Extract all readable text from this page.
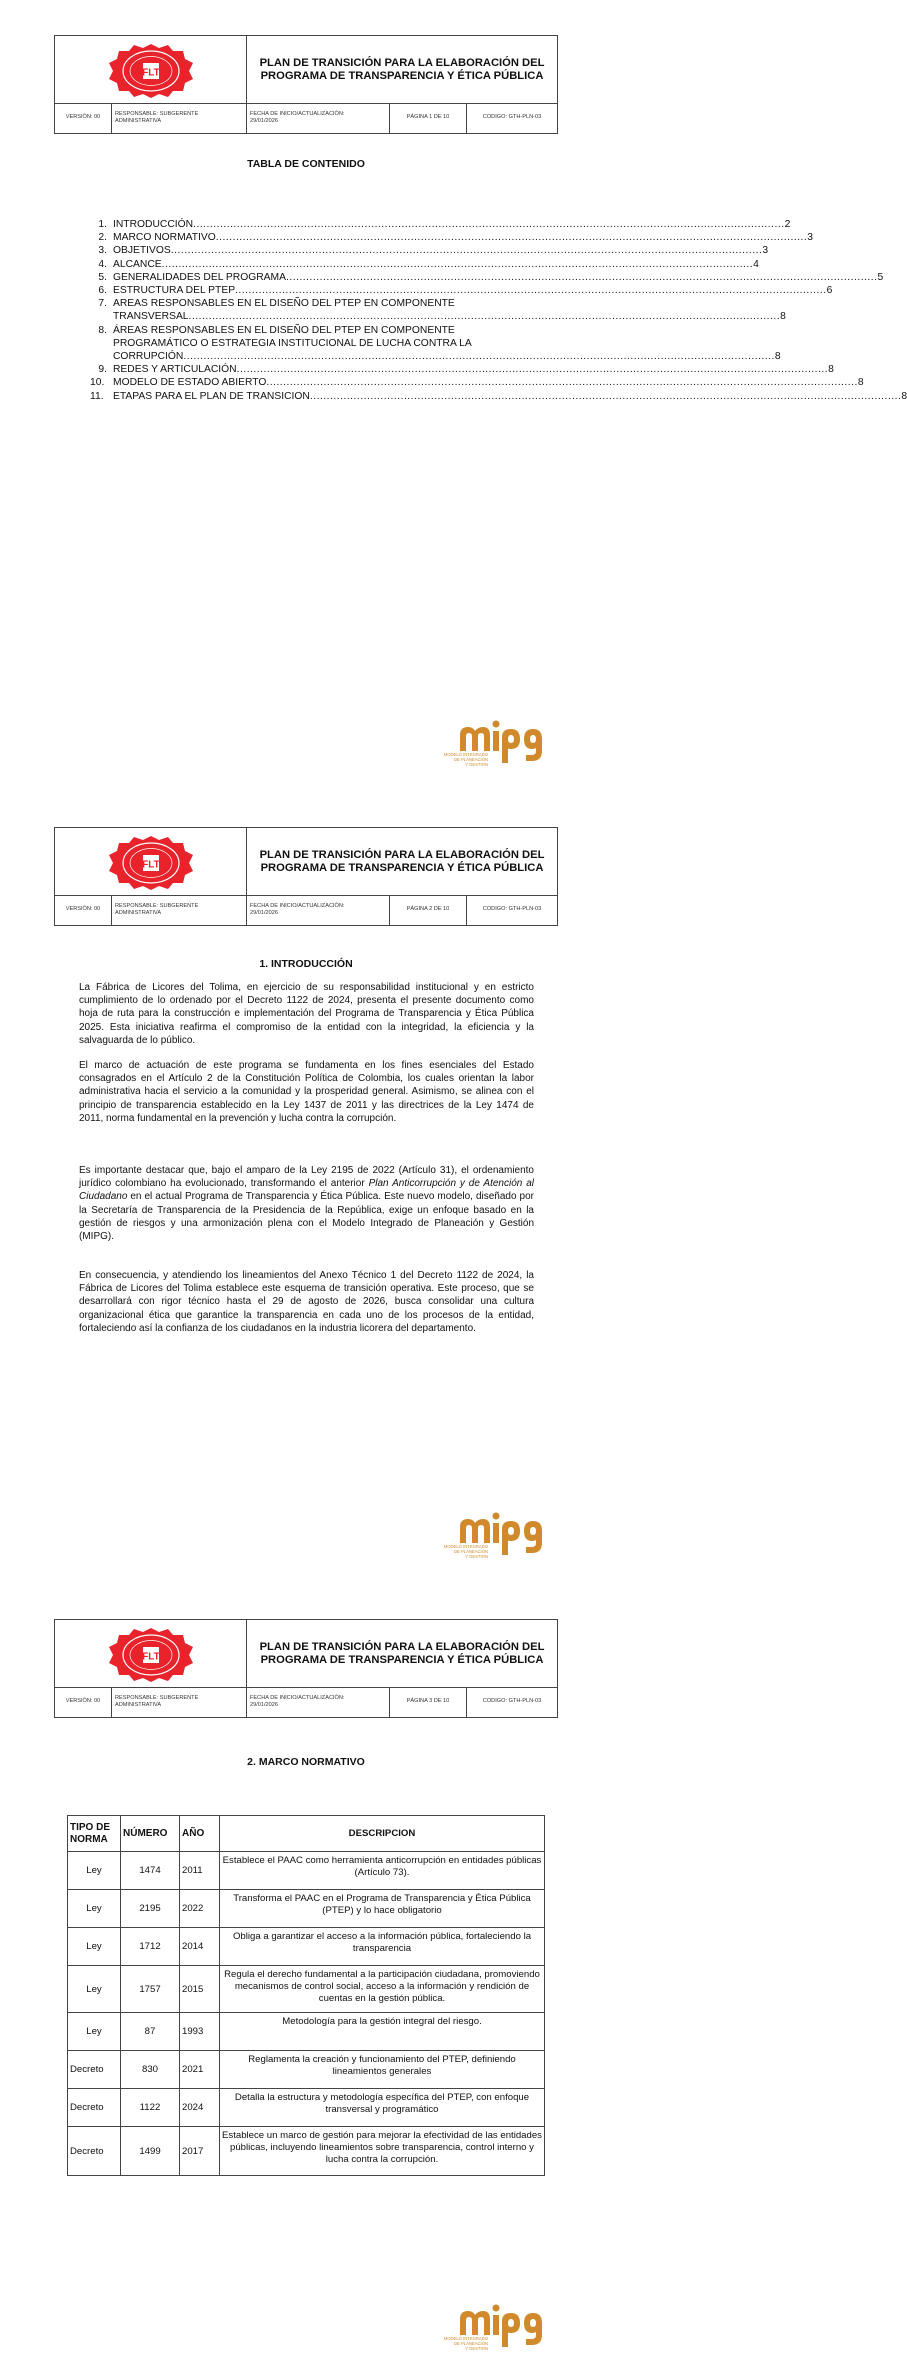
TABLA DE CONTENIDO
1. INTRODUCCIÓN .....	2
2. MARCO NORMATIVO .....	3
3. OBJETIVOS .....	3
4. ALCANCE .....	4
5. GENERALIDADES DEL PROGRAMA .....	5
6. ESTRUCTURA DEL PTEP .....	6
7. AREAS RESPONSABLES EN EL DISEÑO DEL PTEP EN COMPONENTE
TRANSVERSAL .....	8
8. ÁREAS RESPONSABLES EN EL DISEÑO DEL PTEP EN COMPONENTE
PROGRAMÁTICO O ESTRATEGIA INSTITUCIONAL DE LUCHA CONTRA LA
CORRUPCIÓN .....	8
9. REDES Y ARTICULACIÓN .....	8
10. MODELO DE ESTADO ABIERTO .....	8
11. ETAPAS PARA EL PLAN DE TRANSICION .....	8
FLT
PLAN DE TRANSICIÓN PARA LA ELABORACIÓN DEL PROGRAMA DE TRANSPARENCIA Y ÉTICA PÚBLICA
VERSIÓN: 00	RESPONSABLE: SUBGERENTE
ADMINISTRATIVA
FECHA DE INICIO/ACTUALIZACIÓN:
29/01/2026
PÁGINA 1 DE 10	CODIGO: GTH-PLN-03
MODELO INTEGRADO
DE PLANEACIÓN
Y GESTIÓN
1. INTRODUCCIÓN
La Fábrica de Licores del Tolima, en ejercicio de su responsabilidad institucional y en estricto cumplimiento de lo ordenado por el Decreto 1122 de 2024, presenta el presente documento como hoja de ruta para la construcción e implementación del Programa de Transparencia y Ética Pública 2025. Esta iniciativa reafirma el compromiso de la entidad con la integridad, la eficiencia y la salvaguarda de lo público.
El marco de actuación de este programa se fundamenta en los fines esenciales del Estado consagrados en el Artículo 2 de la Constitución Política de Colombia, los cuales orientan la labor administrativa hacia el servicio a la comunidad y la prosperidad general. Asimismo, se alinea con el principio de transparencia establecido en la Ley 1437 de 2011 y las directrices de la Ley 1474 de 2011, norma fundamental en la prevención y lucha contra la corrupción.
Es importante destacar que, bajo el amparo de la Ley 2195 de 2022 (Artículo 31), el ordenamiento jurídico colombiano ha evolucionado, transformando el anterior Plan Anticorrupción y de Atención al Ciudadano en el actual Programa de Transparencia y Ética Pública. Este nuevo modelo, diseñado por la Secretaría de Transparencia de la Presidencia de la República, exige un enfoque basado en la gestión de riesgos y una armonización plena con el Modelo Integrado de Planeación y Gestión (MIPG).
En consecuencia, y atendiendo los lineamientos del Anexo Técnico 1 del Decreto 1122 de 2024, la Fábrica de Licores del Tolima establece este esquema de transición operativa. Este proceso, que se desarrollará con rigor técnico hasta el 29 de agosto de 2026, busca consolidar una cultura organizacional ética que garantice la transparencia en cada uno de los procesos de la entidad, fortaleciendo así la confianza de los ciudadanos en la industria licorera del departamento.
FLT
PLAN DE TRANSICIÓN PARA LA ELABORACIÓN DEL PROGRAMA DE TRANSPARENCIA Y ÉTICA PÚBLICA
VERSIÓN: 00	RESPONSABLE: SUBGERENTE
ADMINISTRATIVA
FECHA DE INICIO/ACTUALIZACIÓN:
29/01/2026
PÁGINA 2 DE 10	CODIGO: GTH-PLN-03
MODELO INTEGRADO
DE PLANEACIÓN
Y GESTIÓN
2. MARCO NORMATIVO
FLT
PLAN DE TRANSICIÓN PARA LA ELABORACIÓN DEL PROGRAMA DE TRANSPARENCIA Y ÉTICA PÚBLICA
VERSIÓN: 00	RESPONSABLE: SUBGERENTE
ADMINISTRATIVA
FECHA DE INICIO/ACTUALIZACIÓN:
29/01/2026
PÁGINA 3 DE 10	CODIGO: GTH-PLN-03
MODELO INTEGRADO
DE PLANEACIÓN
Y GESTIÓN
TIPO DE NORMA	NÚMERO	AÑO	DESCRIPCION
Ley	1474	2011	Establece el PAAC como herramienta anticorrupción en entidades públicas (Artículo 73).
Ley	2195	2022	Transforma el PAAC en el Programa de Transparencia y Ética Pública (PTEP) y lo hace obligatorio
Ley	1712	2014	Obliga a garantizar el acceso a la información pública, fortaleciendo la transparencia
Ley	1757	2015	Regula el derecho fundamental a la participación ciudadana, promoviendo mecanismos de control social, acceso a la información y rendición de cuentas en la gestión pública.
Ley	87	1993	Metodología para la gestión integral del riesgo.
Decreto	830	2021	Reglamenta la creación y funcionamiento del PTEP, definiendo lineamientos generales
Decreto	1122	2024	Detalla la estructura y metodología específica del PTEP, con enfoque transversal y programático
Decreto	1499	2017	Establece un marco de gestión para mejorar la efectividad de las entidades públicas, incluyendo lineamientos sobre transparencia, control interno y lucha contra la corrupción.
